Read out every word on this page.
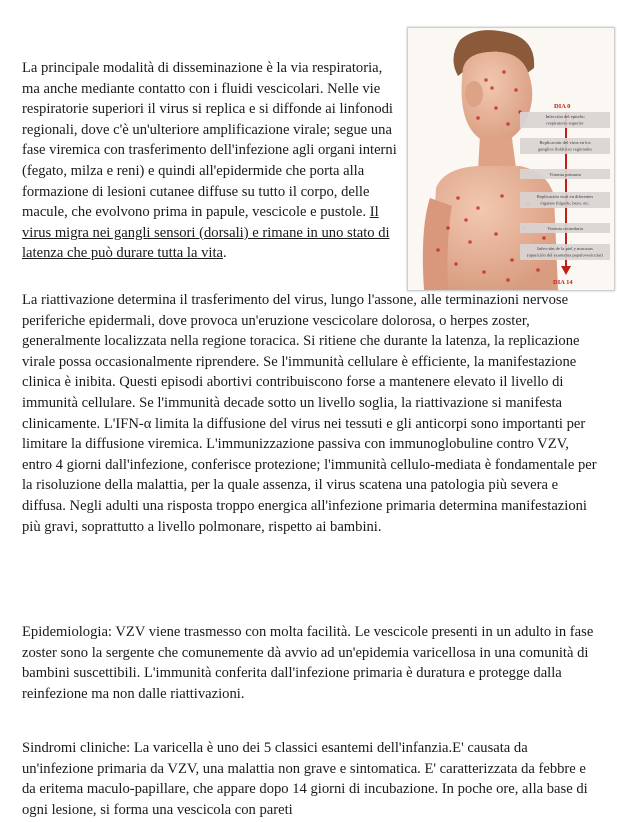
Infección del epitelio
respiratorio superior
Replicación del virus en los
ganglios linfáticos regionales
Viremia primaria
Replicación viral en diferentes
órganos (hígado, bazo, etc.
Viremia secundaria
Infección de la piel y mucosas
(aparición del exantema papulovesicular)
DIA 0
DIA 14

La principale modalità di disseminazione è la via respiratoria, ma anche mediante contatto con i fluidi vescicolari. Nelle vie respiratorie superiori il virus si replica e si diffonde ai linfonodi regionali, dove c'è un'ulteriore amplificazione virale; segue una fase viremica con trasferimento dell'infezione agli organi interni (fegato, milza e reni) e quindi all'epidermide che porta alla formazione di lesioni cutanee diffuse su tutto il corpo, delle macule, che evolvono prima in papule, vescicole e pustole. Il virus migra nei gangli sensori (dorsali) e rimane in uno stato di latenza che può durare tutta la vita.

La riattivazione determina il trasferimento del virus, lungo l'assone, alle terminazioni nervose periferiche epidermali, dove provoca un'eruzione vescicolare dolorosa, o herpes zoster, generalmente localizzata nella regione toracica. Si ritiene che durante la latenza, la replicazione virale possa occasionalmente riprendere. Se l'immunità cellulare è efficiente, la manifestazione clinica è inibita. Questi episodi abortivi contribuiscono forse a mantenere elevato il livello di immunità cellulare. Se l'immunità decade sotto un livello soglia, la riattivazione si manifesta clinicamente. L'IFN-α limita la diffusione del virus nei tessuti e gli anticorpi sono importanti per limitare la diffusione viremica. L'immunizzazione passiva con immunoglobuline contro VZV, entro 4 giorni dall'infezione, conferisce protezione; l'immunità cellulo-mediata è fondamentale per la risoluzione della malattia, per la quale assenza, il virus scatena una patologia più severa e diffusa. Negli adulti una risposta troppo energica all'infezione primaria determina manifestazioni più gravi, soprattutto a livello polmonare, rispetto ai bambini.

Epidemiologia: VZV viene trasmesso con molta facilità. Le vescicole presenti in un adulto in fase zoster sono la sergente che comunemente dà avvio ad un'epidemia varicellosa in una comunità di bambini suscettibili. L'immunità conferita dall'infezione primaria è duratura e protegge dalla reinfezione ma non dalle riattivazioni.

Sindromi cliniche: La varicella è uno dei 5 classici esantemi dell'infanzia.E' causata da un'infezione primaria da VZV, una malattia non grave e sintomatica. E' caratterizzata da febbre e da eritema maculo-papillare, che appare dopo 14 giorni di incubazione. In poche ore, alla base di ogni lesione, si forma una vescicola con pareti
